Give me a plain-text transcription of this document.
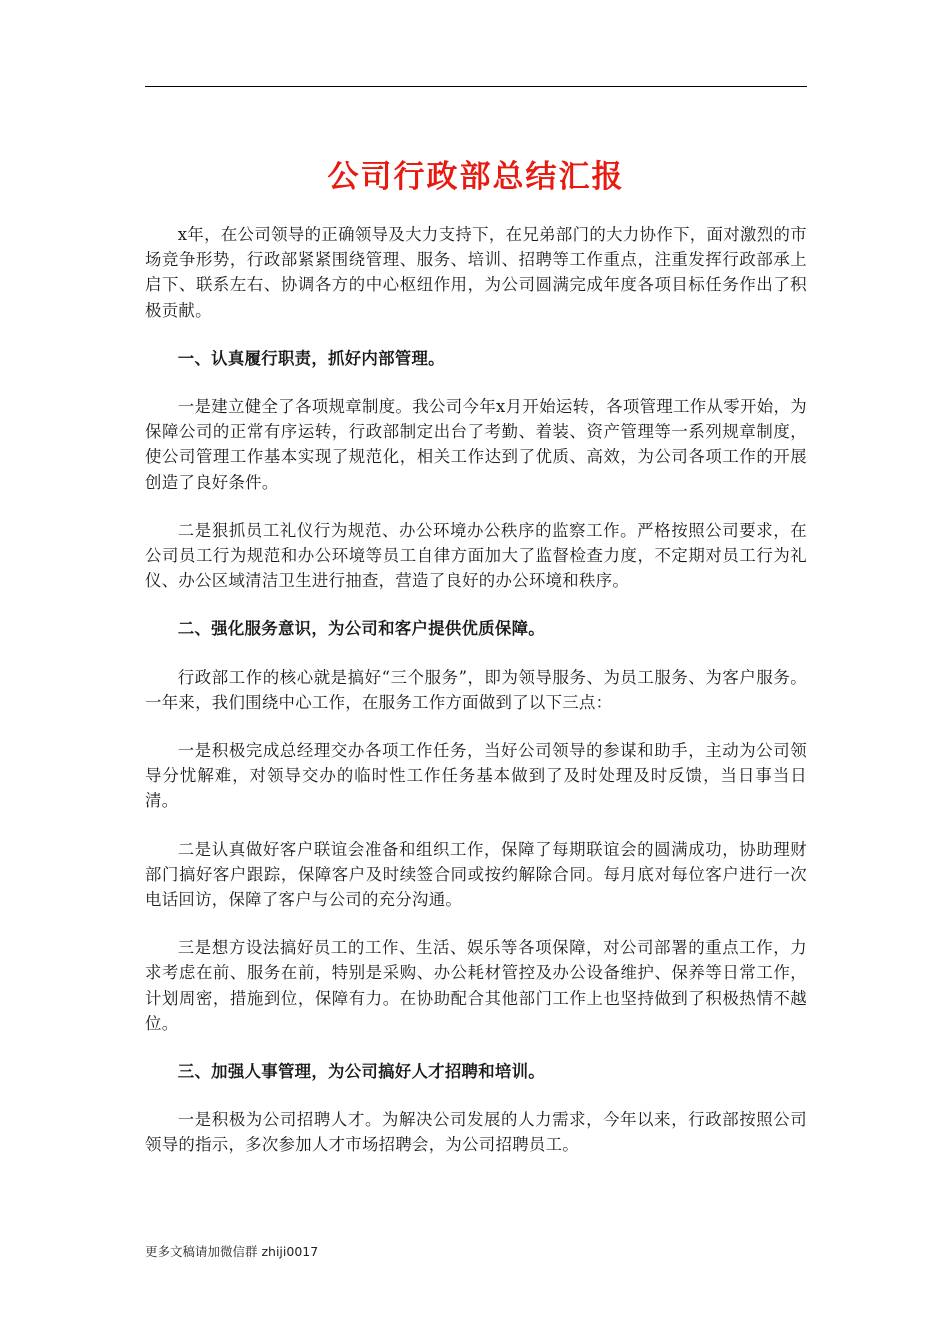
公司行政部总结汇报

x年，在公司领导的正确领导及大力支持下，在兄弟部门的大力协作下，面对激烈的市场竞争形势，行政部紧紧围绕管理、服务、培训、招聘等工作重点，注重发挥行政部承上启下、联系左右、协调各方的中心枢纽作用，为公司圆满完成年度各项目标任务作出了积极贡献。

一、认真履行职责，抓好内部管理。

一是建立健全了各项规章制度。我公司今年x月开始运转，各项管理工作从零开始，为保障公司的正常有序运转，行政部制定出台了考勤、着装、资产管理等一系列规章制度，使公司管理工作基本实现了规范化，相关工作达到了优质、高效，为公司各项工作的开展创造了良好条件。

二是狠抓员工礼仪行为规范、办公环境办公秩序的监察工作。严格按照公司要求，在公司员工行为规范和办公环境等员工自律方面加大了监督检查力度，不定期对员工行为礼仪、办公区域清洁卫生进行抽查，营造了良好的办公环境和秩序。

二、强化服务意识，为公司和客户提供优质保障。

行政部工作的核心就是搞好“三个服务”，即为领导服务、为员工服务、为客户服务。一年来，我们围绕中心工作，在服务工作方面做到了以下三点：

一是积极完成总经理交办各项工作任务，当好公司领导的参谋和助手，主动为公司领导分忧解难，对领导交办的临时性工作任务基本做到了及时处理及时反馈，当日事当日清。

二是认真做好客户联谊会准备和组织工作，保障了每期联谊会的圆满成功，协助理财部门搞好客户跟踪，保障客户及时续签合同或按约解除合同。每月底对每位客户进行一次电话回访，保障了客户与公司的充分沟通。

三是想方设法搞好员工的工作、生活、娱乐等各项保障，对公司部署的重点工作，力求考虑在前、服务在前，特别是采购、办公耗材管控及办公设备维护、保养等日常工作，计划周密，措施到位，保障有力。在协助配合其他部门工作上也坚持做到了积极热情不越位。

三、加强人事管理，为公司搞好人才招聘和培训。

一是积极为公司招聘人才。为解决公司发展的人力需求，今年以来，行政部按照公司领导的指示，多次参加人才市场招聘会，为公司招聘员工。

更多文稿请加微信群 zhiji0017
